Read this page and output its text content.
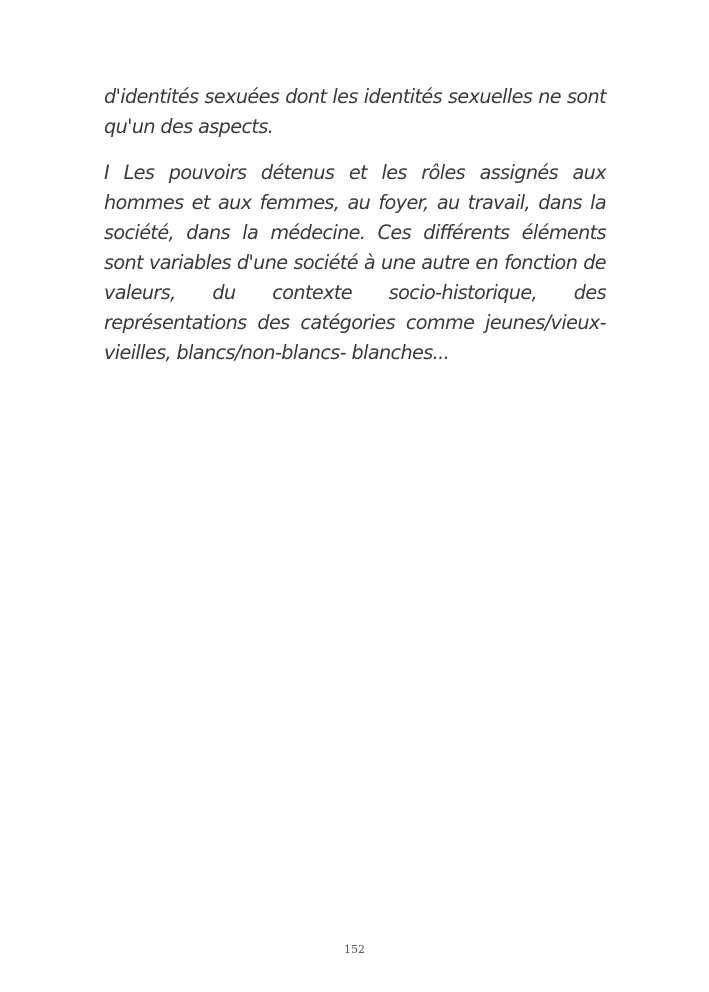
d'identités sexuées dont les identités sexuelles ne sont qu'un des aspects.

I Les pouvoirs détenus et les rôles assignés aux hommes et aux femmes, au foyer, au travail, dans la société, dans la médecine. Ces différents éléments sont variables d'une société à une autre en fonction de valeurs, du contexte socio-historique, des représentations des catégories comme jeunes/vieux-vieilles, blancs/non-blancs- blanches...

152
